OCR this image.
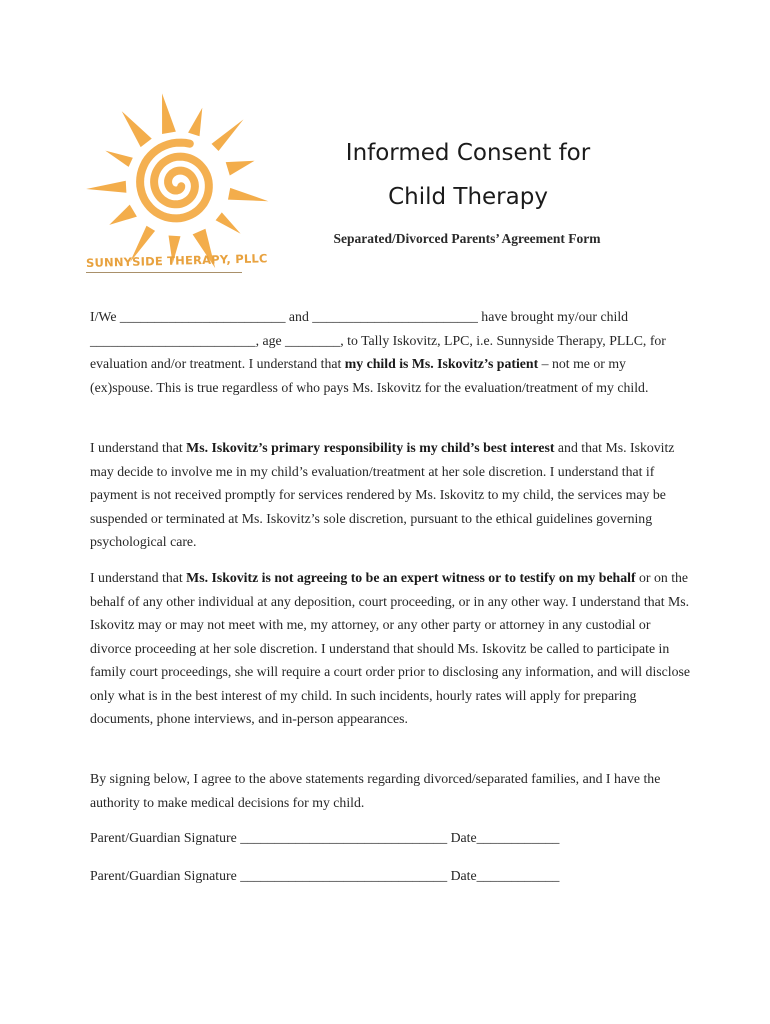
SUNNYSIDE THERAPY, PLLC
Informed Consent for
Child Therapy
Separated/Divorced Parents’ Agreement Form

I/We ________________________ and ________________________ have brought my/our child ________________________, age ________, to Tally Iskovitz, LPC, i.e. Sunnyside Therapy, PLLC, for evaluation and/or treatment. I understand that my child is Ms. Iskovitz’s patient – not me or my (ex)spouse. This is true regardless of who pays Ms. Iskovitz for the evaluation/treatment of my child.

I understand that Ms. Iskovitz’s primary responsibility is my child’s best interest and that Ms. Iskovitz may decide to involve me in my child’s evaluation/treatment at her sole discretion. I understand that if payment is not received promptly for services rendered by Ms. Iskovitz to my child, the services may be suspended or terminated at Ms. Iskovitz’s sole discretion, pursuant to the ethical guidelines governing psychological care.

I understand that Ms. Iskovitz is not agreeing to be an expert witness or to testify on my behalf or on the behalf of any other individual at any deposition, court proceeding, or in any other way. I understand that Ms. Iskovitz may or may not meet with me, my attorney, or any other party or attorney in any custodial or divorce proceeding at her sole discretion. I understand that should Ms. Iskovitz be called to participate in family court proceedings, she will require a court order prior to disclosing any information, and will disclose only what is in the best interest of my child. In such incidents, hourly rates will apply for preparing documents, phone interviews, and in-person appearances.

By signing below, I agree to the above statements regarding divorced/separated families, and I have the authority to make medical decisions for my child.

Parent/Guardian Signature ______________________________ Date____________
Parent/Guardian Signature ______________________________ Date____________
